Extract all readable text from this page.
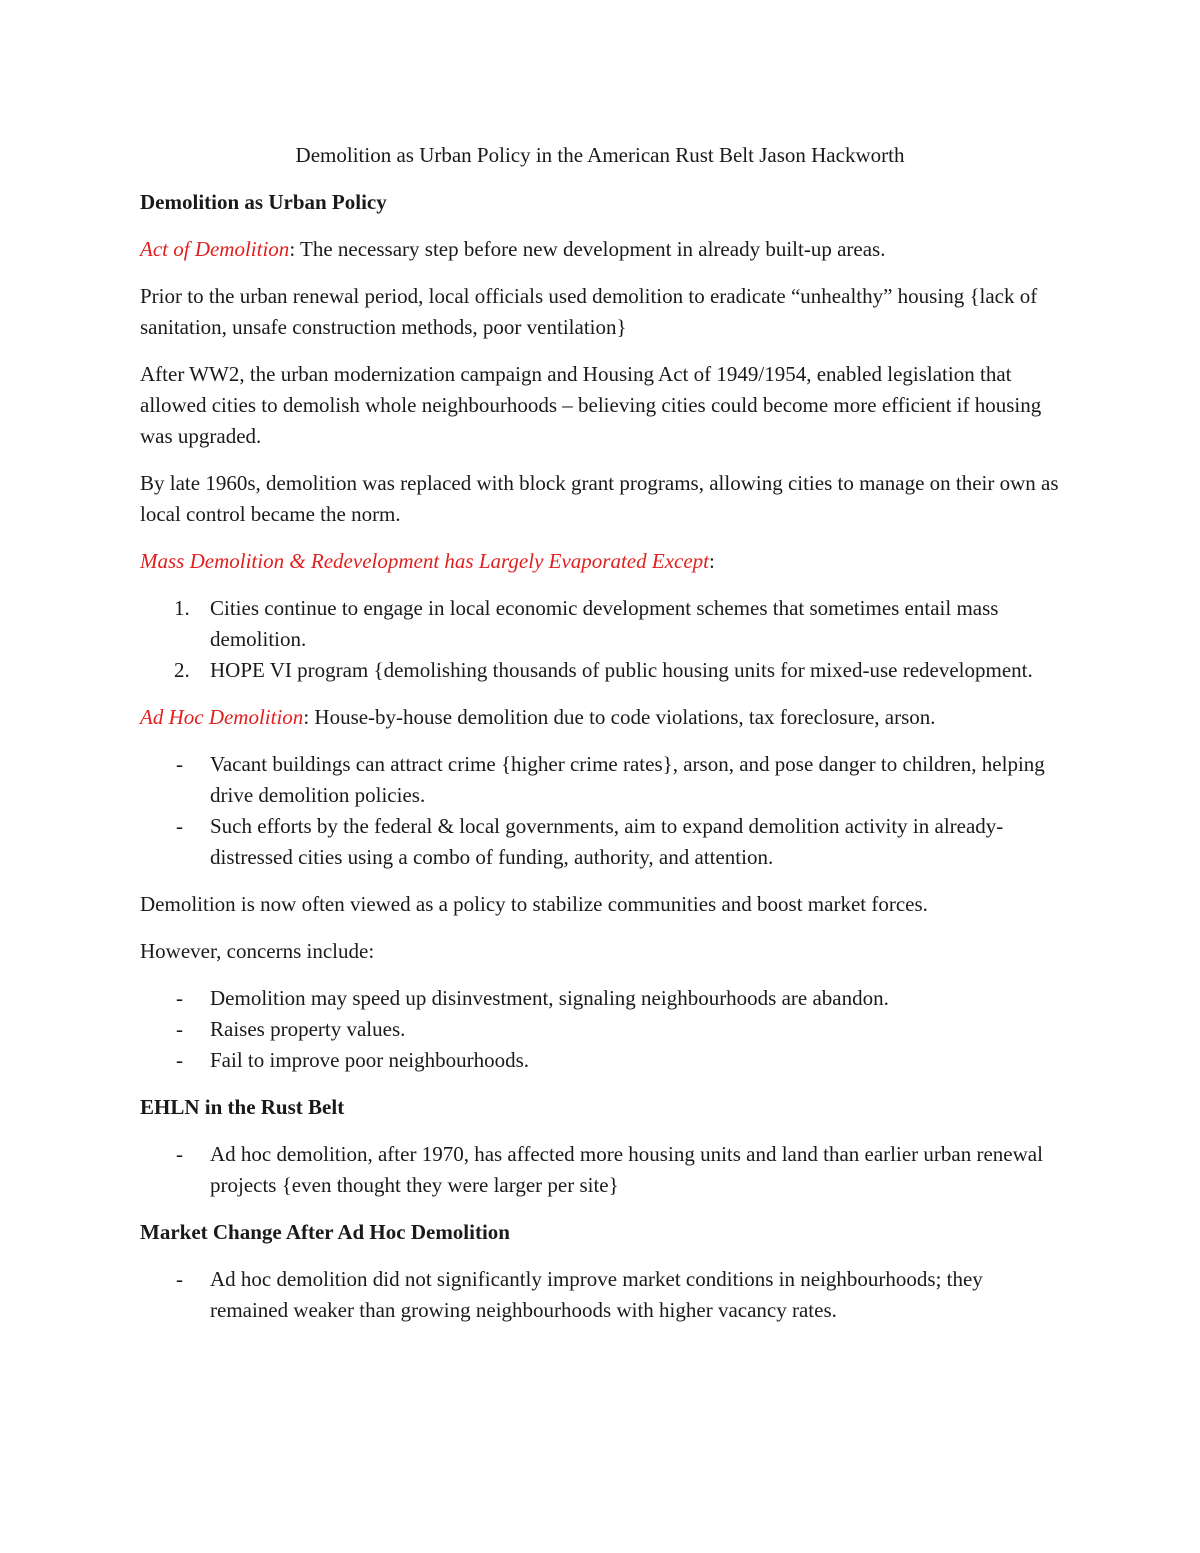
Demolition as Urban Policy in the American Rust Belt Jason Hackworth
Demolition as Urban Policy

Act of Demolition: The necessary step before new development in already built-up areas.

Prior to the urban renewal period, local officials used demolition to eradicate “unhealthy” housing {lack of sanitation, unsafe construction methods, poor ventilation}

After WW2, the urban modernization campaign and Housing Act of 1949/1954, enabled legislation that allowed cities to demolish whole neighbourhoods – believing cities could become more efficient if housing was upgraded.

By late 1960s, demolition was replaced with block grant programs, allowing cities to manage on their own as local control became the norm.

Mass Demolition & Redevelopment has Largely Evaporated Except:

1. Cities continue to engage in local economic development schemes that sometimes entail mass demolition.
2. HOPE VI program {demolishing thousands of public housing units for mixed-use redevelopment.

Ad Hoc Demolition: House-by-house demolition due to code violations, tax foreclosure, arson.

- Vacant buildings can attract crime {higher crime rates}, arson, and pose danger to children, helping drive demolition policies.
- Such efforts by the federal & local governments, aim to expand demolition activity in already-distressed cities using a combo of funding, authority, and attention.

Demolition is now often viewed as a policy to stabilize communities and boost market forces.

However, concerns include:

- Demolition may speed up disinvestment, signaling neighbourhoods are abandon.
- Raises property values.
- Fail to improve poor neighbourhoods.
EHLN in the Rust Belt
- Ad hoc demolition, after 1970, has affected more housing units and land than earlier urban renewal projects {even thought they were larger per site}
Market Change After Ad Hoc Demolition
- Ad hoc demolition did not significantly improve market conditions in neighbourhoods; they remained weaker than growing neighbourhoods with higher vacancy rates.
